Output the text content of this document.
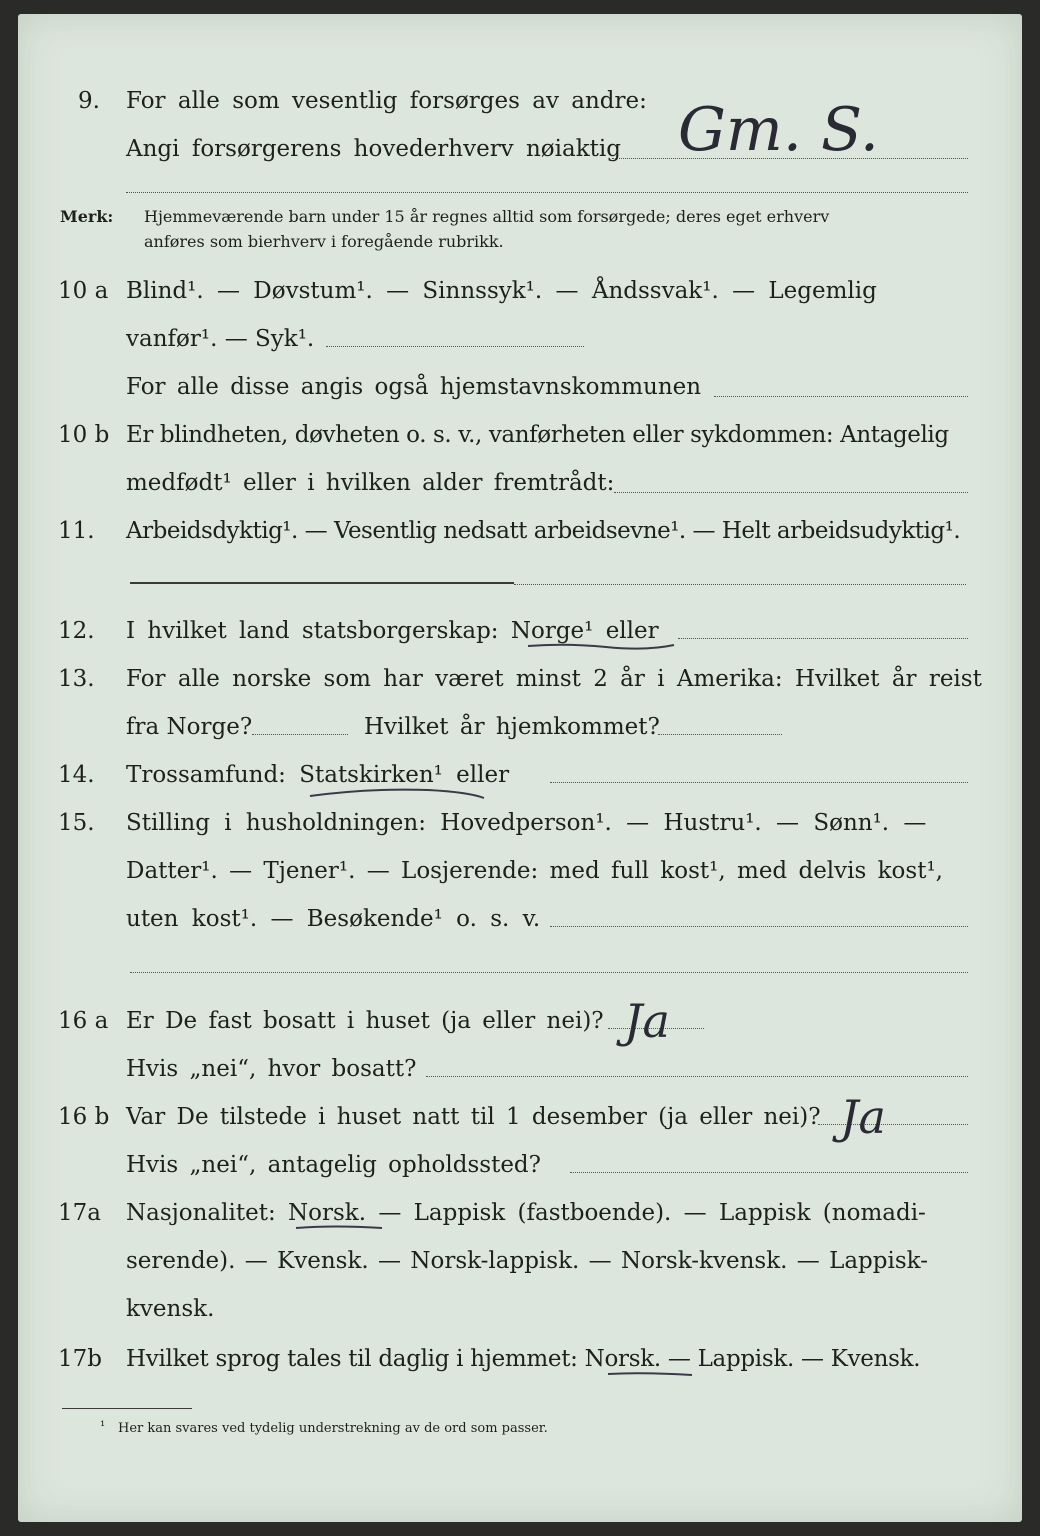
9. For alle som vesentlig forsørges av andre:
Angi forsørgerens hovederhverv nøiaktig Gm. S.
Merk: Hjemmeværende barn under 15 år regnes alltid som forsørgede; deres eget erhverv
anføres som bierhverv i foregående rubrikk.
10 a Blind¹. — Døvstum¹. — Sinnssyk¹. — Åndssvak¹. — Legemlig
vanfør¹. — Syk¹.
For alle disse angis også hjemstavnskommunen
10 b Er blindheten, døvheten o. s. v., vanførheten eller sykdommen: Antagelig
medfødt¹ eller i hvilken alder fremtrådt:
11. Arbeidsdyktig¹. — Vesentlig nedsatt arbeidsevne¹. — Helt arbeidsudyktig¹.
12. I hvilket land statsborgerskap: Norge¹ eller
13. For alle norske som har været minst 2 år i Amerika: Hvilket år reist
fra Norge?	Hvilket år hjemkommet?
14. Trossamfund: Statskirken¹ eller
15. Stilling i husholdningen: Hovedperson¹. — Hustru¹. — Sønn¹. —
Datter¹. — Tjener¹. — Losjerende: med full kost¹, med delvis kost¹,
uten kost¹. — Besøkende¹ o. s. v.
16 a Er De fast bosatt i huset (ja eller nei)? Ja
Hvis „nei“, hvor bosatt?
16 b Var De tilstede i huset natt til 1 desember (ja eller nei)? Ja
Hvis „nei“, antagelig opholdssted?
17a Nasjonalitet: Norsk. — Lappisk (fastboende). — Lappisk (nomadi-
serende). — Kvensk. — Norsk-lappisk. — Norsk-kvensk. — Lappisk-
kvensk.
17b Hvilket sprog tales til daglig i hjemmet: Norsk. — Lappisk. — Kvensk.
¹ Her kan svares ved tydelig understrekning av de ord som passer.
